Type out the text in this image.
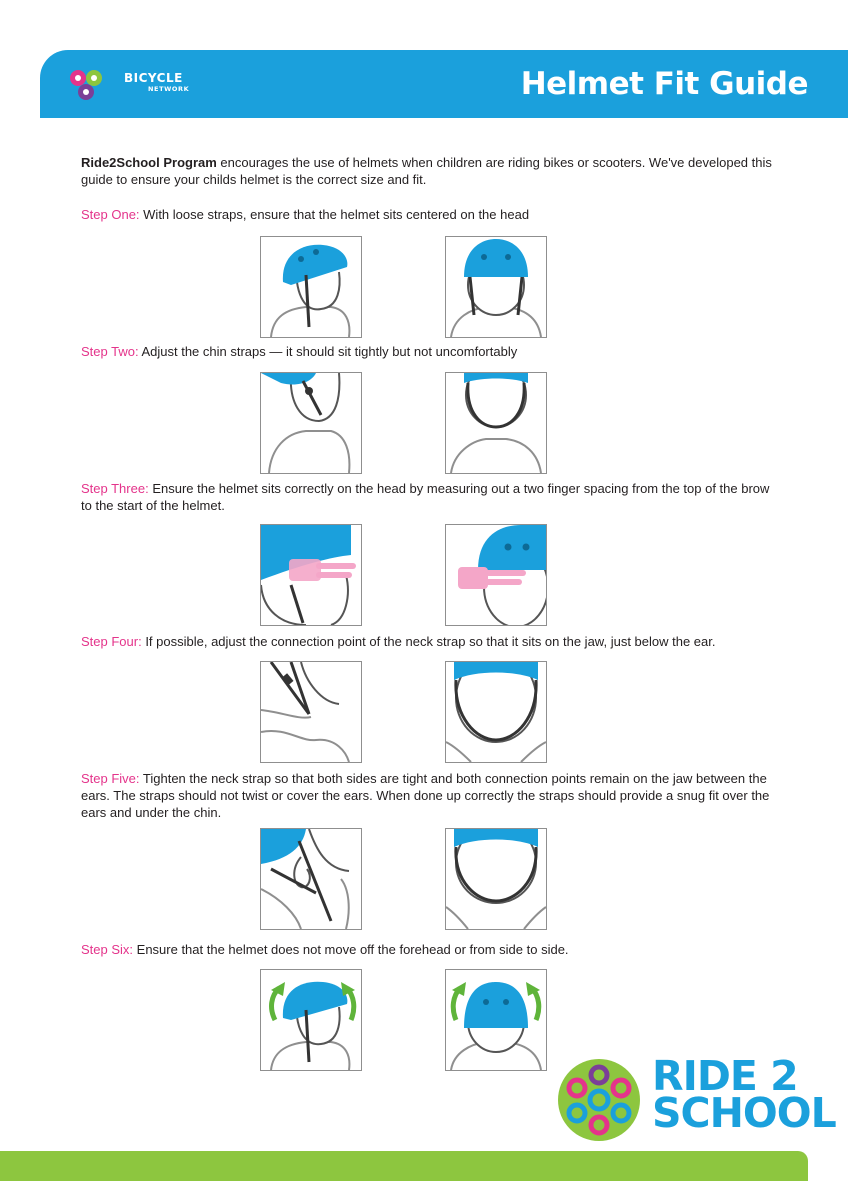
BICYCLE
NETWORK	Helmet Fit Guide
Ride2School Program encourages the use of helmets when children are riding bikes or scooters. We've developed this guide to ensure your childs helmet is the correct size and fit.
Step One: With loose straps, ensure that the helmet sits centered on the head
Step Two: Adjust the chin straps — it should sit tightly but not uncomfortably
Step Three: Ensure the helmet sits correctly on the head by measuring out a two finger spacing from the top of the brow to the start of the helmet.
Step Four: If possible, adjust the connection point of the neck strap so that it sits on the jaw, just below the ear.
Step Five: Tighten the neck strap so that both sides are tight and both connection points remain on the jaw between the ears. The straps should not twist or cover the ears. When done up correctly the straps should provide a snug fit over the ears and under the chin.
Step Six: Ensure that the helmet does not move off the forehead or from side to side.
RIDE 2
SCHOOL
